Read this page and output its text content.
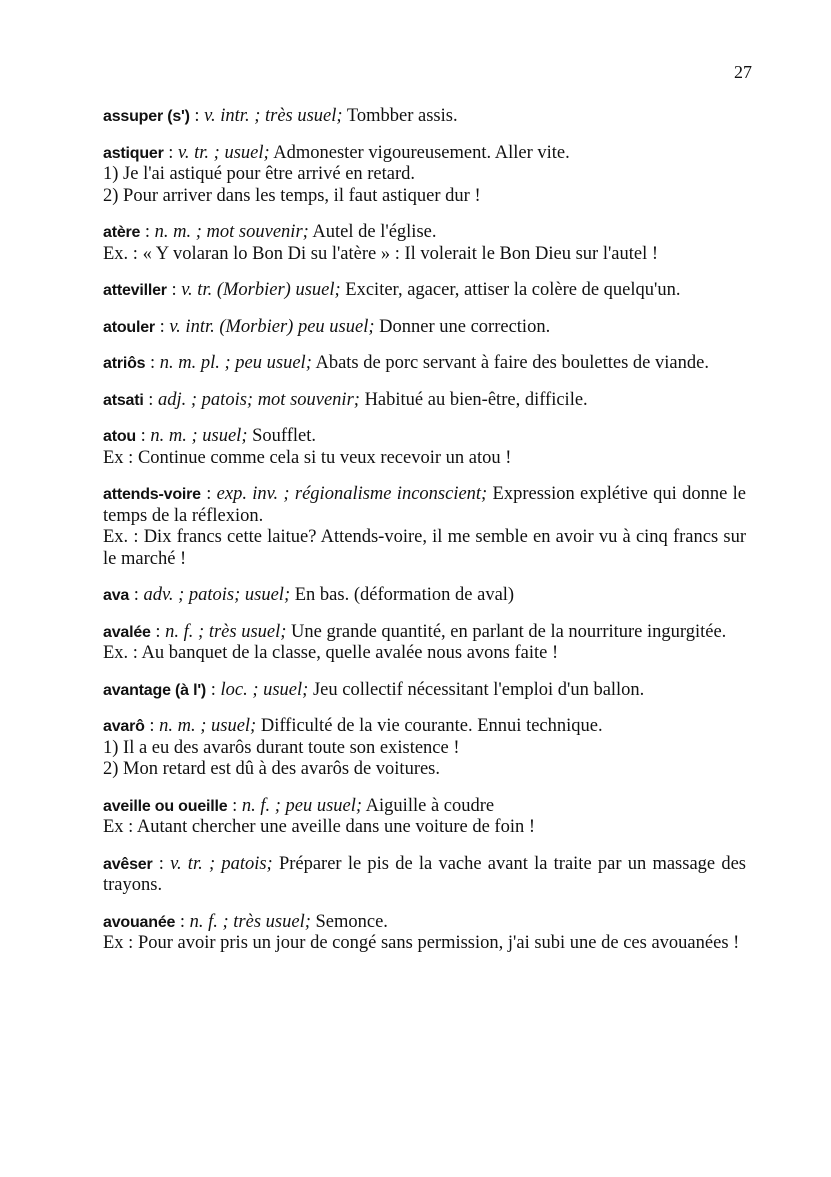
27
assuper (s') : v. intr. ; très usuel; Tombber assis.
astiquer : v. tr. ; usuel; Admonester vigoureusement. Aller vite.
1) Je l'ai astiqué pour être arrivé en retard.
2) Pour arriver dans les temps, il faut astiquer dur !
atère : n. m. ; mot souvenir; Autel de l'église.
Ex. : « Y volaran lo Bon Di su l'atère » : Il volerait le Bon Dieu sur l'autel !
atteviller : v. tr. (Morbier) usuel; Exciter, agacer, attiser la colère de quelqu'un.
atouler : v. intr. (Morbier) peu usuel; Donner une correction.
atriôs : n. m. pl. ; peu usuel; Abats de porc servant à faire des boulettes de viande.
atsati : adj. ; patois; mot souvenir; Habitué au bien-être, difficile.
atou : n. m. ; usuel; Soufflet.
Ex : Continue comme cela si tu veux recevoir un atou !
attends-voire : exp. inv. ; régionalisme inconscient; Expression explétive qui donne le temps de la réflexion.
Ex. : Dix francs cette laitue? Attends-voire, il me semble en avoir vu à cinq francs sur le marché !
ava : adv. ; patois; usuel; En bas. (déformation de aval)
avalée : n. f. ; très usuel; Une grande quantité, en parlant de la nourriture ingurgitée.
Ex. : Au banquet de la classe, quelle avalée nous avons faite !
avantage (à l') : loc. ; usuel; Jeu collectif nécessitant l'emploi d'un ballon.
avarô : n. m. ; usuel; Difficulté de la vie courante. Ennui technique.
1) Il a eu des avarôs durant toute son existence !
2) Mon retard est dû à des avarôs de voitures.
aveille ou oueille : n. f. ; peu usuel; Aiguille à coudre
Ex : Autant chercher une aveille dans une voiture de foin !
avêser : v. tr. ; patois; Préparer le pis de la vache avant la traite par un massage des trayons.
avouanée : n. f. ; très usuel; Semonce.
Ex : Pour avoir pris un jour de congé sans permission, j'ai subi une de ces avouanées !
